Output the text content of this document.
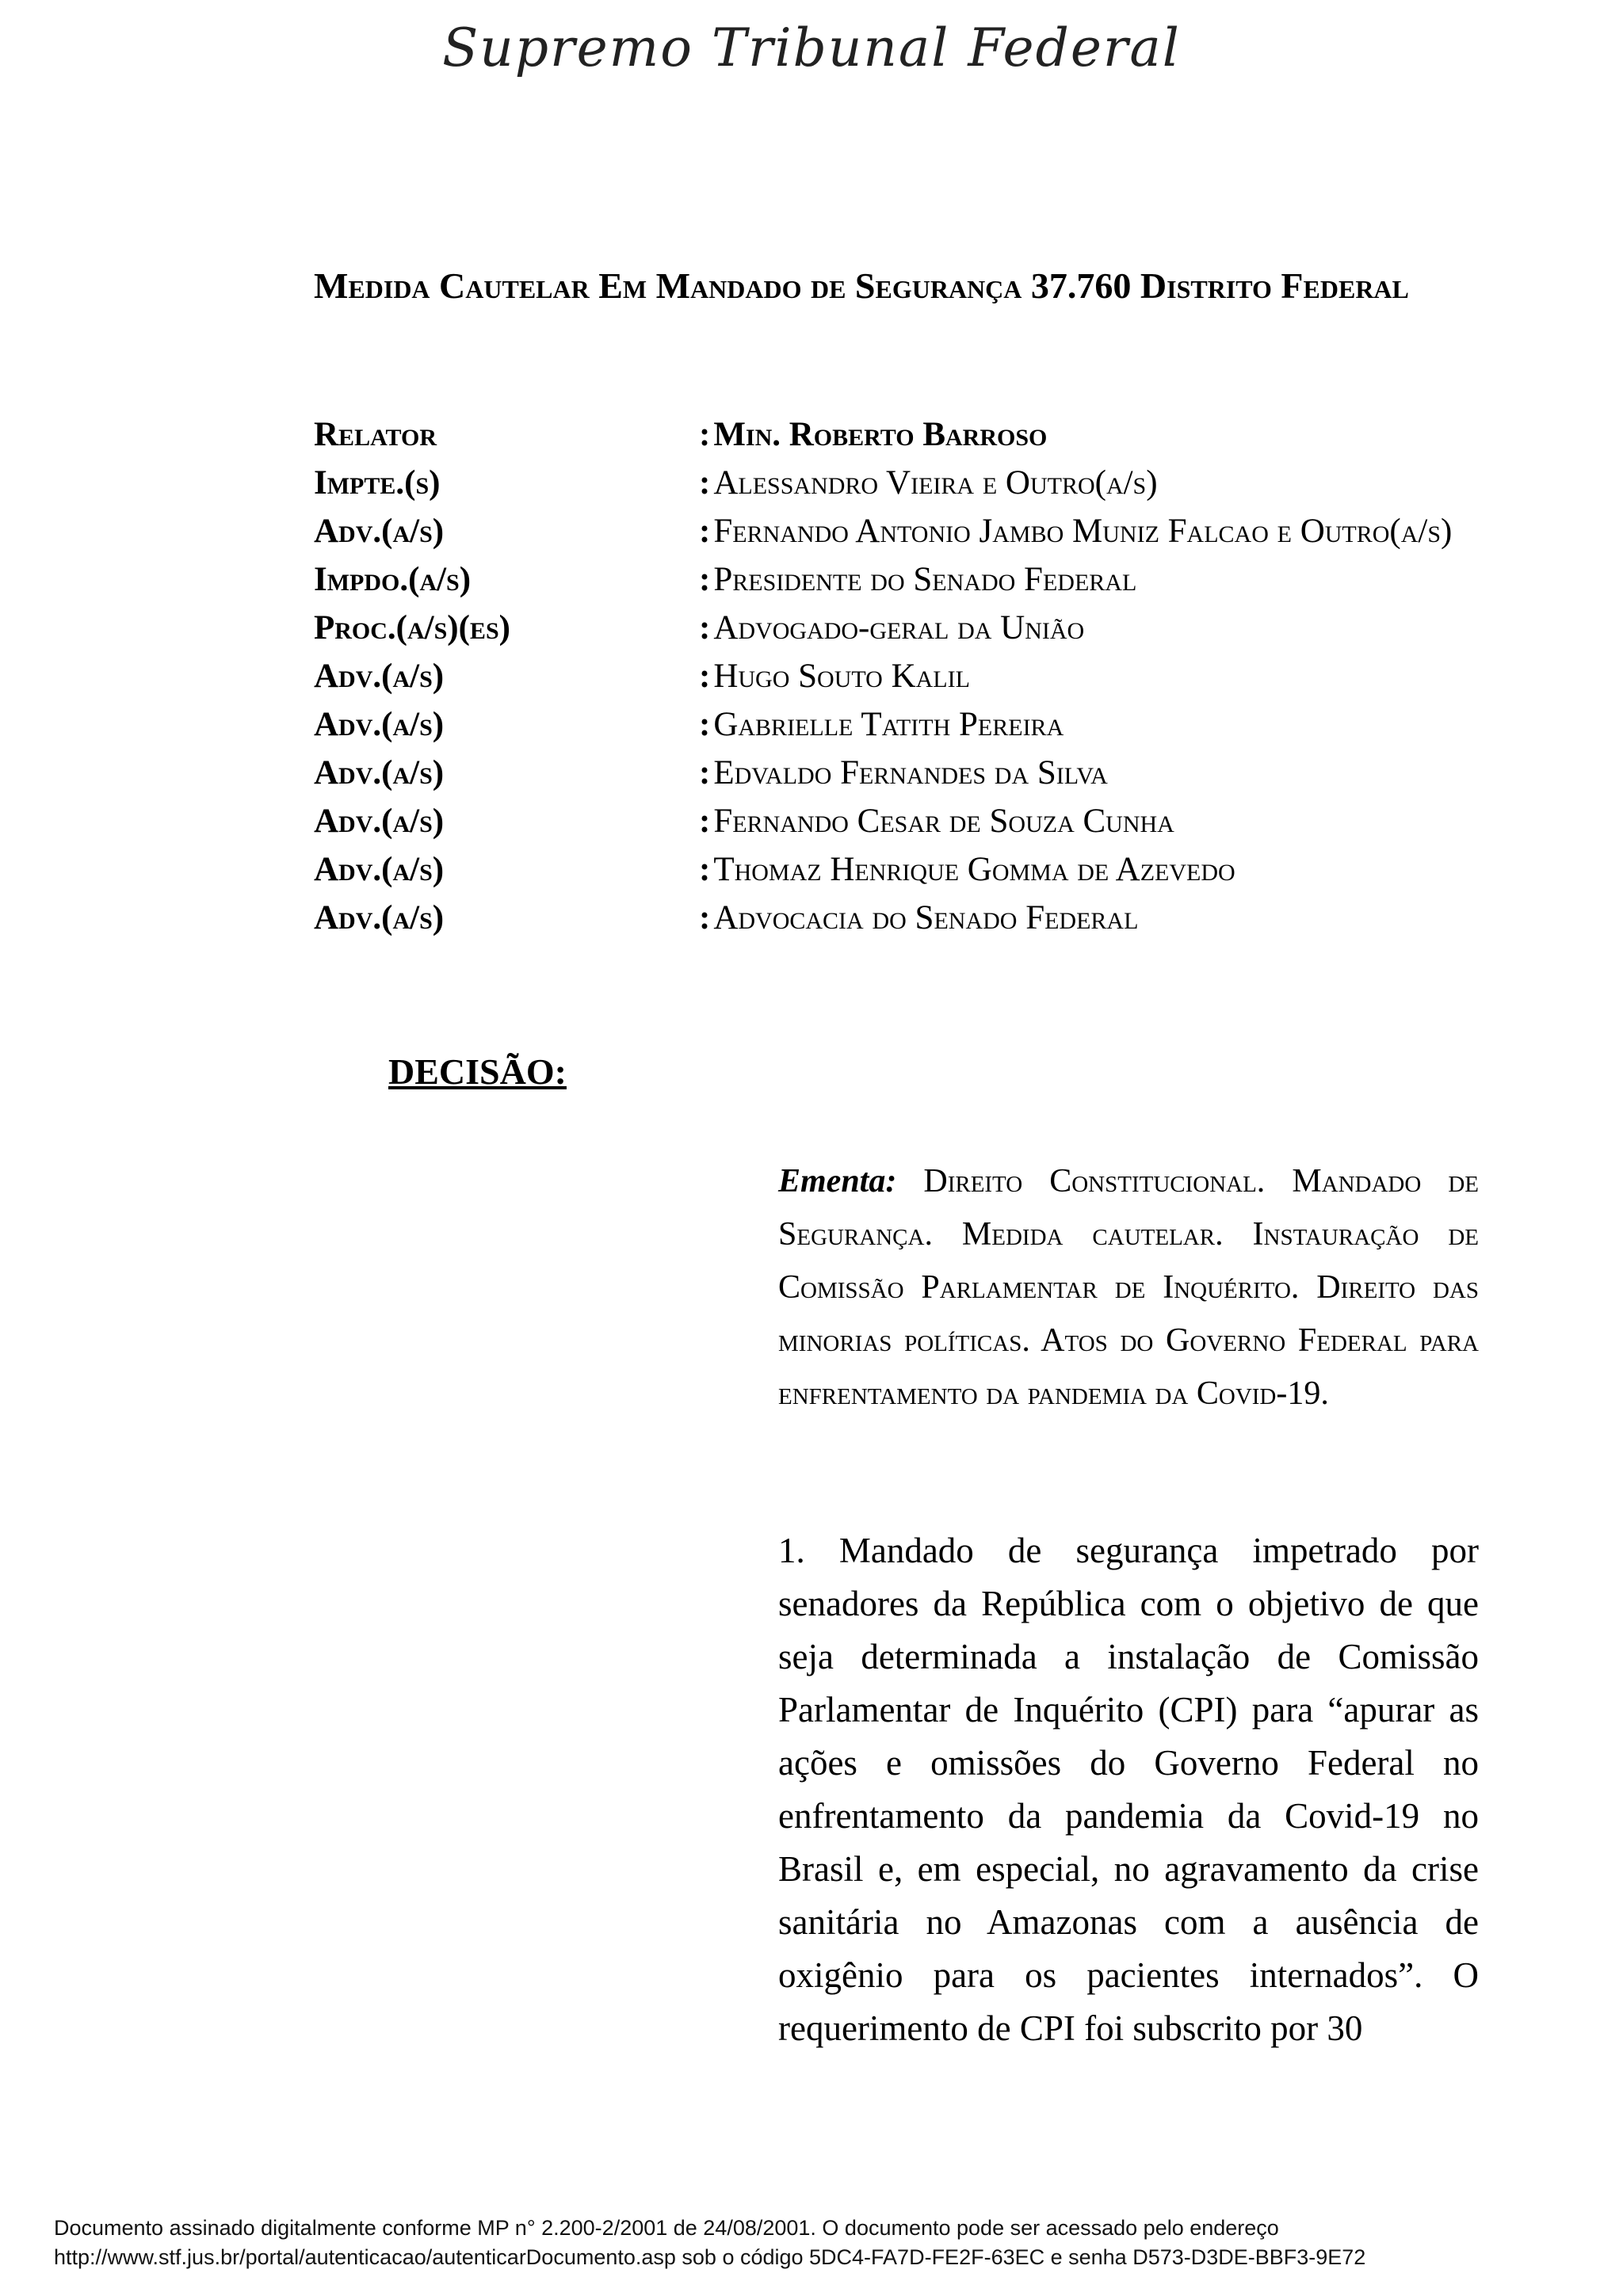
Supremo Tribunal Federal
Medida Cautelar Em Mandado de Segurança 37.760 Distrito Federal
Relator	:Min. Roberto Barroso
Impte.(s)	:Alessandro Vieira e Outro(a/s)
Adv.(a/s)	: Fernando Antonio Jambo Muniz Falcao e Outro(a/s)
Impdo.(a/s)	:Presidente do Senado Federal
Proc.(a/s)(es)	:Advogado-geral da União
Adv.(a/s)	:Hugo Souto Kalil
Adv.(a/s)	:Gabrielle Tatith Pereira
Adv.(a/s)	:Edvaldo Fernandes da Silva
Adv.(a/s)	:Fernando Cesar de Souza Cunha
Adv.(a/s)	:Thomaz Henrique Gomma de Azevedo
Adv.(a/s)	:Advocacia do Senado Federal
DECISÃO:
Ementa: Direito Constitucional. Mandado de Segurança. Medida cautelar. Instauração de Comissão Parlamentar de Inquérito. Direito das minorias políticas. Atos do Governo Federal para enfrentamento da pandemia da Covid-19.
1. Mandado de segurança impetrado por senadores da República com o objetivo de que seja determinada a instalação de Comissão Parlamentar de Inquérito (CPI) para “apurar as ações e omissões do Governo Federal no enfrentamento da pandemia da Covid-19 no Brasil e, em especial, no agravamento da crise sanitária no Amazonas com a ausência de oxigênio para os pacientes internados”. O requerimento de CPI foi subscrito por 30
Documento assinado digitalmente conforme MP n° 2.200-2/2001 de 24/08/2001. O documento pode ser acessado pelo endereço
http://www.stf.jus.br/portal/autenticacao/autenticarDocumento.asp sob o código 5DC4-FA7D-FE2F-63EC e senha D573-D3DE-BBF3-9E72
